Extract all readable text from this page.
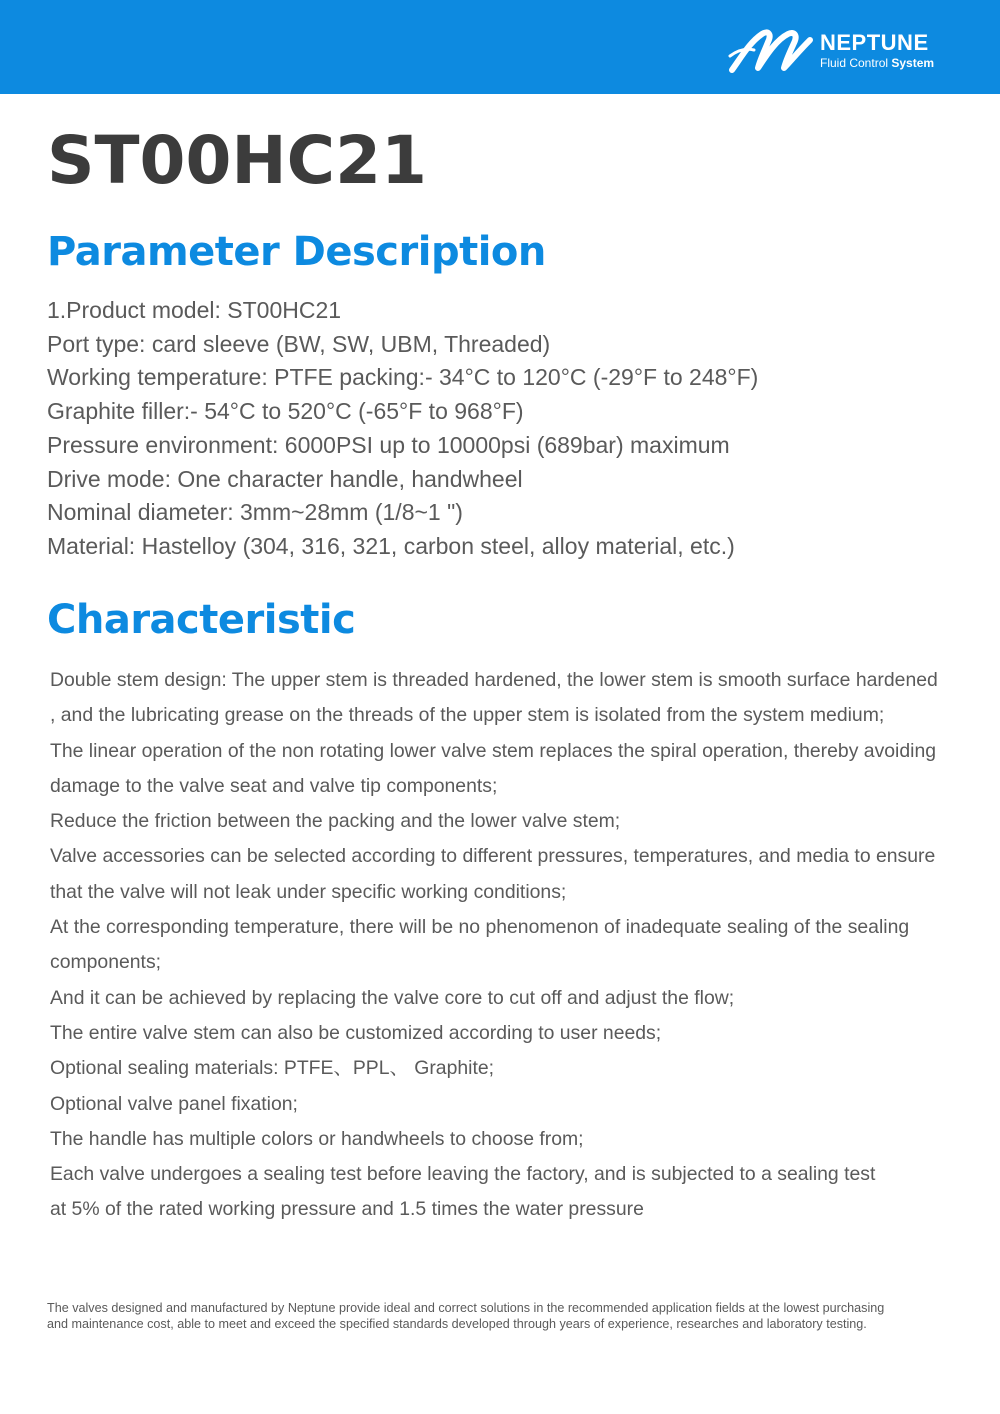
NEPTUNE
Fluid Control System
ST00HC21
Parameter Description
1.Product model: ST00HC21
Port type: card sleeve (BW, SW, UBM, Threaded)
Working temperature: PTFE packing:- 34°C to 120°C (-29°F to 248°F)
Graphite filler:- 54°C to 520°C (-65°F to 968°F)
Pressure environment: 6000PSI up to 10000psi (689bar) maximum
Drive mode: One character handle, handwheel
Nominal diameter: 3mm~28mm (1/8~1 ")
Material: Hastelloy (304, 316, 321, carbon steel, alloy material, etc.)
Characteristic
Double stem design: The upper stem is threaded hardened, the lower stem is smooth surface hardened
, and the lubricating grease on the threads of the upper stem is isolated from the system medium;
The linear operation of the non rotating lower valve stem replaces the spiral operation, thereby avoiding
damage to the valve seat and valve tip components;
Reduce the friction between the packing and the lower valve stem;
Valve accessories can be selected according to different pressures, temperatures, and media to ensure
that the valve will not leak under specific working conditions;
At the corresponding temperature, there will be no phenomenon of inadequate sealing of the sealing
components;
And it can be achieved by replacing the valve core to cut off and adjust the flow;
The entire valve stem can also be customized according to user needs;
Optional sealing materials: PTFE、PPL、 Graphite;
Optional valve panel fixation;
The handle has multiple colors or handwheels to choose from;
Each valve undergoes a sealing test before leaving the factory, and is subjected to a sealing test
at 5% of the rated working pressure and 1.5 times the water pressure

The valves designed and manufactured by Neptune provide ideal and correct solutions in the recommended application fields at the lowest purchasing and maintenance cost, able to meet and exceed the specified standards developed through years of experience, researches and laboratory testing.
